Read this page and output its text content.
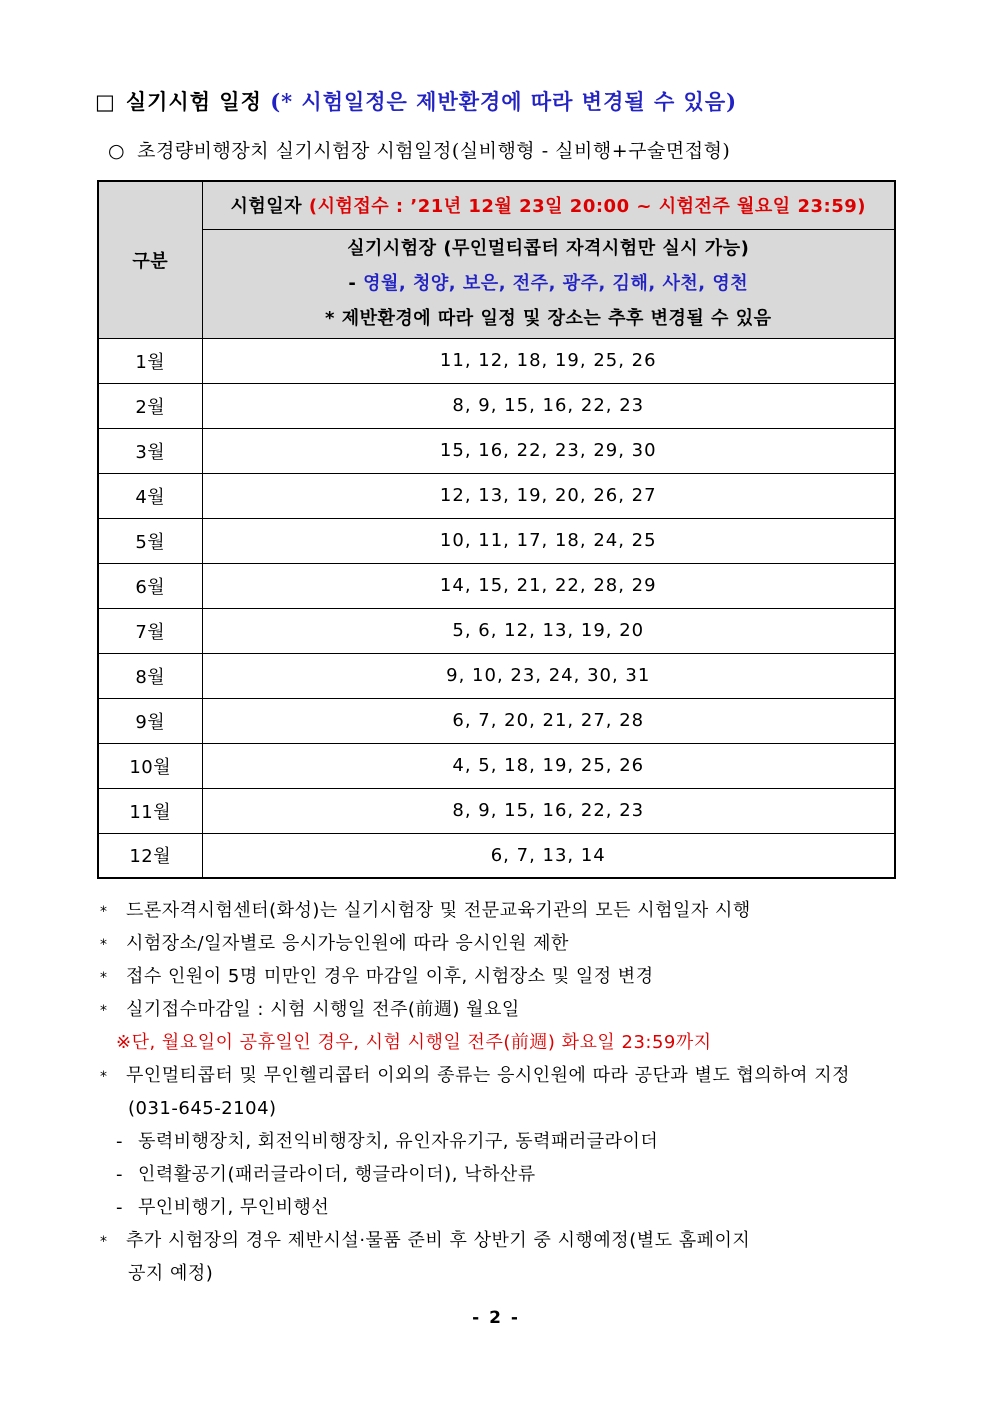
□ 실기시험 일정 (* 시험일정은 제반환경에 따라 변경될 수 있음)
○ 초경량비행장치 실기시험장 시험일정(실비행형 - 실비행+구술면접형)
구분	시험일자 (시험접수 : ’21년 12월 23일 20:00 ~ 시험전주 월요일 23:59)

	실기시험장 (무인멀티콥터 자격시험만 실시 가능)
- 영월, 청양, 보은, 전주, 광주, 김해, 사천, 영천
* 제반환경에 따라 일정 및 장소는 추후 변경될 수 있음

1월	11, 12, 18, 19, 25, 26
2월	8, 9, 15, 16, 22, 23
3월	15, 16, 22, 23, 29, 30
4월	12, 13, 19, 20, 26, 27
5월	10, 11, 17, 18, 24, 25
6월	14, 15, 21, 22, 28, 29
7월	5, 6, 12, 13, 19, 20
8월	9, 10, 23, 24, 30, 31
9월	6, 7, 20, 21, 27, 28
10월	4, 5, 18, 19, 25, 26
11월	8, 9, 15, 16, 22, 23
12월	6, 7, 13, 14
* 드론자격시험센터(화성)는 실기시험장 및 전문교육기관의 모든 시험일자 시행
* 시험장소/일자별로 응시가능인원에 따라 응시인원 제한
* 접수 인원이 5명 미만인 경우 마감일 이후, 시험장소 및 일정 변경
* 실기접수마감일 : 시험 시행일 전주(前週) 월요일
※단, 월요일이 공휴일인 경우, 시험 시행일 전주(前週) 화요일 23:59까지
* 무인멀티콥터 및 무인헬리콥터 이외의 종류는 응시인원에 따라 공단과 별도 협의하여 지정
(031-645-2104)
- 동력비행장치, 회전익비행장치, 유인자유기구, 동력패러글라이더
- 인력활공기(패러글라이더, 행글라이더), 낙하산류
- 무인비행기, 무인비행선
* 추가 시험장의 경우 제반시설·물품 준비 후 상반기 중 시행예정(별도 홈페이지
공지 예정)
- 2 -
